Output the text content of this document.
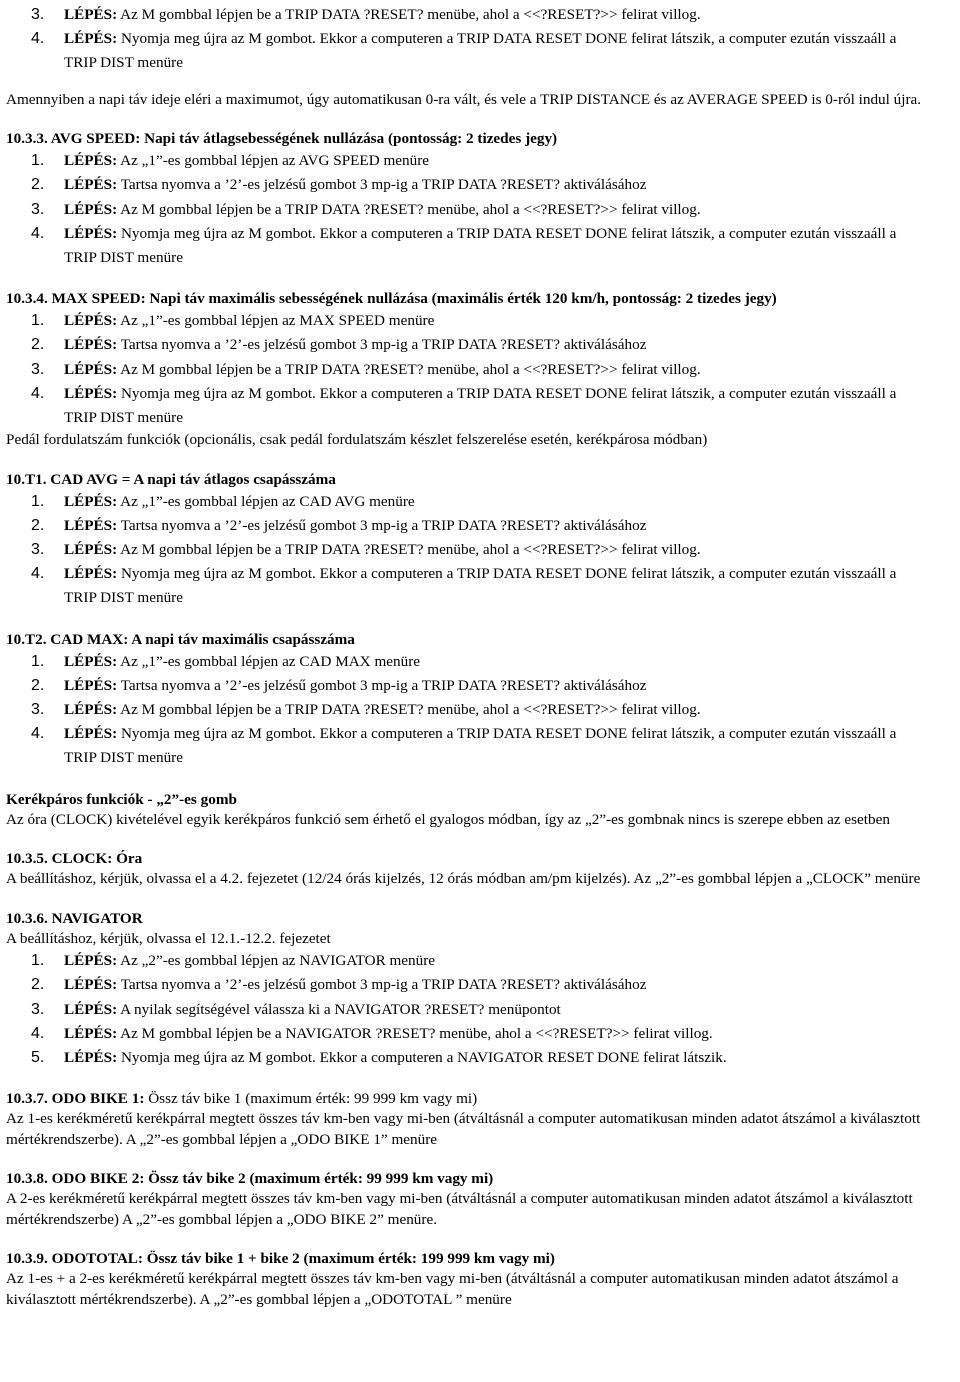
3.	LÉPÉS: Az M gombbal lépjen be a TRIP DATA ?RESET? menübe, ahol a <<?RESET?>> felirat villog.
4.	LÉPÉS: Nyomja meg újra az M gombot. Ekkor a computeren a TRIP DATA RESET DONE felirat látszik, a computer ezután visszaáll a TRIP DIST menüre

Amennyiben a napi táv ideje eléri a maximumot, úgy automatikusan 0-ra vált, és vele a TRIP DISTANCE és az AVERAGE SPEED is 0-ról indul újra.

10.3.3. AVG SPEED: Napi táv átlagsebességének nullázása (pontosság: 2 tizedes jegy)

1.	LÉPÉS: Az „1”-es gombbal lépjen az AVG SPEED menüre
2.	LÉPÉS: Tartsa nyomva a ’2’-es jelzésű gombot 3 mp-ig a TRIP DATA ?RESET? aktiválásához
3.	LÉPÉS: Az M gombbal lépjen be a TRIP DATA ?RESET? menübe, ahol a <<?RESET?>> felirat villog.
4.	LÉPÉS: Nyomja meg újra az M gombot. Ekkor a computeren a TRIP DATA RESET DONE felirat látszik, a computer ezután visszaáll a TRIP DIST menüre

10.3.4. MAX SPEED: Napi táv maximális sebességének nullázása (maximális érték 120 km/h, pontosság: 2 tizedes jegy)

1.	LÉPÉS: Az „1”-es gombbal lépjen az MAX SPEED menüre
2.	LÉPÉS: Tartsa nyomva a ’2’-es jelzésű gombot 3 mp-ig a TRIP DATA ?RESET? aktiválásához
3.	LÉPÉS: Az M gombbal lépjen be a TRIP DATA ?RESET? menübe, ahol a <<?RESET?>> felirat villog.
4.	LÉPÉS: Nyomja meg újra az M gombot. Ekkor a computeren a TRIP DATA RESET DONE felirat látszik, a computer ezután visszaáll a TRIP DIST menüre

Pedál fordulatszám funkciók (opcionális, csak pedál fordulatszám készlet felszerelése esetén, kerékpárosa módban)

10.T1. CAD AVG = A napi táv átlagos csapásszáma

1.	LÉPÉS: Az „1”-es gombbal lépjen az CAD AVG menüre
2.	LÉPÉS: Tartsa nyomva a ’2’-es jelzésű gombot 3 mp-ig a TRIP DATA ?RESET? aktiválásához
3.	LÉPÉS: Az M gombbal lépjen be a TRIP DATA ?RESET? menübe, ahol a <<?RESET?>> felirat villog.
4.	LÉPÉS: Nyomja meg újra az M gombot. Ekkor a computeren a TRIP DATA RESET DONE felirat látszik, a computer ezután visszaáll a TRIP DIST menüre

10.T2. CAD MAX: A napi táv maximális csapásszáma

1.	LÉPÉS: Az „1”-es gombbal lépjen az CAD MAX menüre
2.	LÉPÉS: Tartsa nyomva a ’2’-es jelzésű gombot 3 mp-ig a TRIP DATA ?RESET? aktiválásához
3.	LÉPÉS: Az M gombbal lépjen be a TRIP DATA ?RESET? menübe, ahol a <<?RESET?>> felirat villog.
4.	LÉPÉS: Nyomja meg újra az M gombot. Ekkor a computeren a TRIP DATA RESET DONE felirat látszik, a computer ezután visszaáll a TRIP DIST menüre

Kerékpáros funkciók - „2”-es gomb

Az óra (CLOCK) kivételével egyik kerékpáros funkció sem érhető el gyalogos módban, így az „2”-es gombnak nincs is szerepe ebben az esetben

10.3.5. CLOCK: Óra

A beállításhoz, kérjük, olvassa el a 4.2. fejezetet (12/24 órás kijelzés, 12 órás módban am/pm kijelzés). Az „2”-es gombbal lépjen a „CLOCK” menüre

10.3.6. NAVIGATOR

A beállításhoz, kérjük, olvassa el 12.1.-12.2. fejezetet

1.	LÉPÉS: Az „2”-es gombbal lépjen az NAVIGATOR menüre
2.	LÉPÉS: Tartsa nyomva a ’2’-es jelzésű gombot 3 mp-ig a TRIP DATA ?RESET? aktiválásához
3.	LÉPÉS: A nyilak segítségével válassza ki a NAVIGATOR ?RESET? menüpontot
4.	LÉPÉS: Az M gombbal lépjen be a NAVIGATOR ?RESET? menübe, ahol a <<?RESET?>> felirat villog.
5.	LÉPÉS: Nyomja meg újra az M gombot. Ekkor a computeren a NAVIGATOR RESET DONE felirat látszik.

10.3.7. ODO BIKE 1: Össz táv bike 1 (maximum érték: 99 999 km vagy mi)

Az 1-es kerékméretű kerékpárral megtett összes táv km-ben vagy mi-ben (átváltásnál a computer automatikusan minden adatot átszámol a kiválasztott mértékrendszerbe). A „2”-es gombbal lépjen a „ODO BIKE 1” menüre

10.3.8. ODO BIKE 2: Össz táv bike 2 (maximum érték: 99 999 km vagy mi)

A 2-es kerékméretű kerékpárral megtett összes táv km-ben vagy mi-ben (átváltásnál a computer automatikusan minden adatot átszámol a kiválasztott mértékrendszerbe) A „2”-es gombbal lépjen a „ODO BIKE 2” menüre.

10.3.9. ODOTOTAL: Össz táv bike 1 + bike 2 (maximum érték: 199 999 km vagy mi)

Az 1-es + a 2-es kerékméretű kerékpárral megtett összes táv km-ben vagy mi-ben (átváltásnál a computer automatikusan minden adatot átszámol a kiválasztott mértékrendszerbe). A „2”-es gombbal lépjen a „ODOTOTAL ” menüre
